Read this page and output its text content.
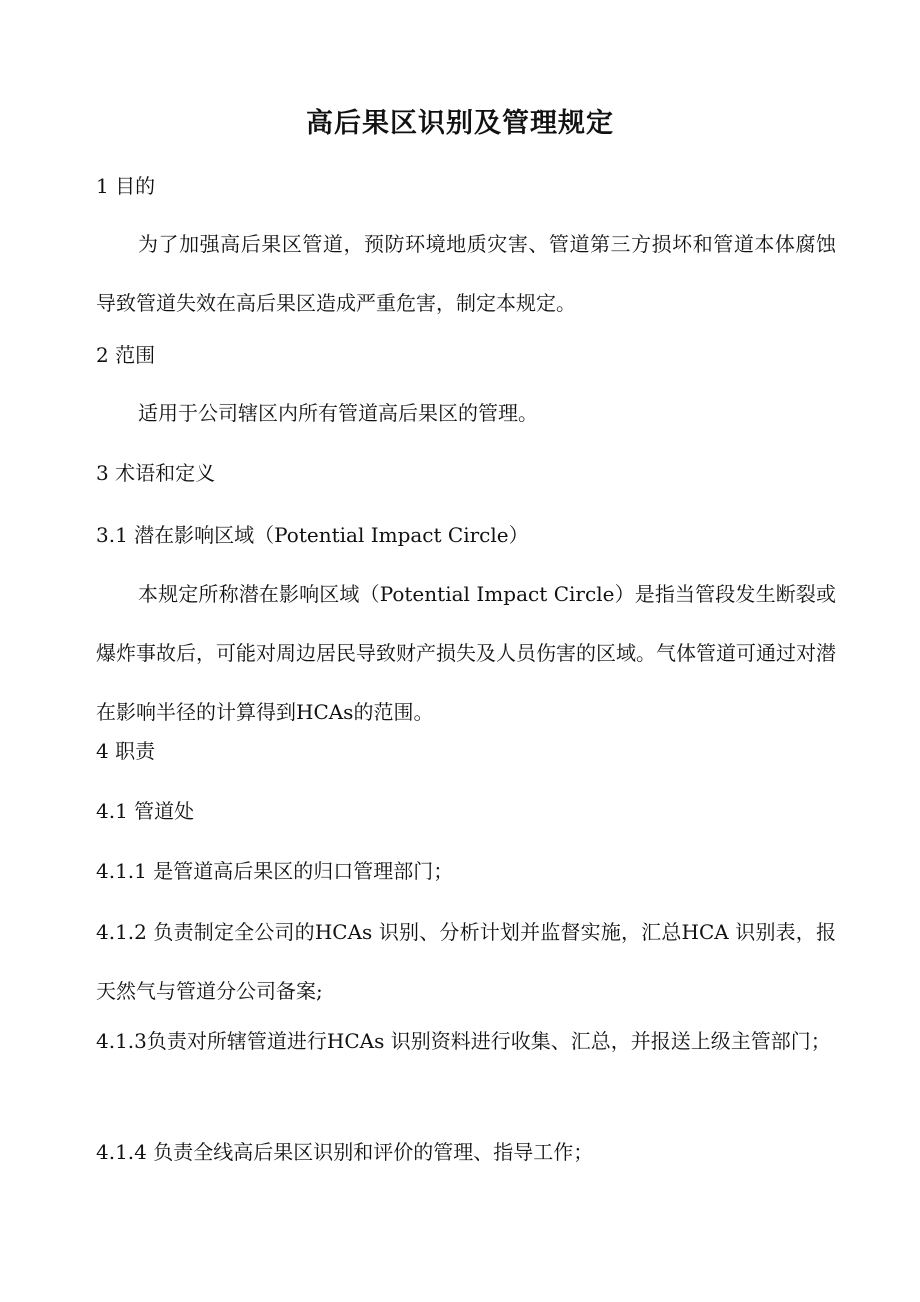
高后果区识别及管理规定
1 目的
为了加强高后果区管道，预防环境地质灾害、管道第三方损坏和管道本体腐蚀导致管道失效在高后果区造成严重危害，制定本规定。
2 范围
适用于公司辖区内所有管道高后果区的管理。
3 术语和定义
3.1 潜在影响区域（Potential Impact Circle）
本规定所称潜在影响区域（Potential Impact Circle）是指当管段发生断裂或爆炸事故后，可能对周边居民导致财产损失及人员伤害的区域。气体管道可通过对潜在影响半径的计算得到HCAs的范围。
4 职责
4.1 管道处
4.1.1 是管道高后果区的归口管理部门；
4.1.2 负责制定全公司的HCAs 识别、分析计划并监督实施，汇总HCA 识别表，报天然气与管道分公司备案;
4.1.3负责对所辖管道进行HCAs 识别资料进行收集、汇总，并报送上级主管部门；
4.1.4 负责全线高后果区识别和评价的管理、指导工作；
